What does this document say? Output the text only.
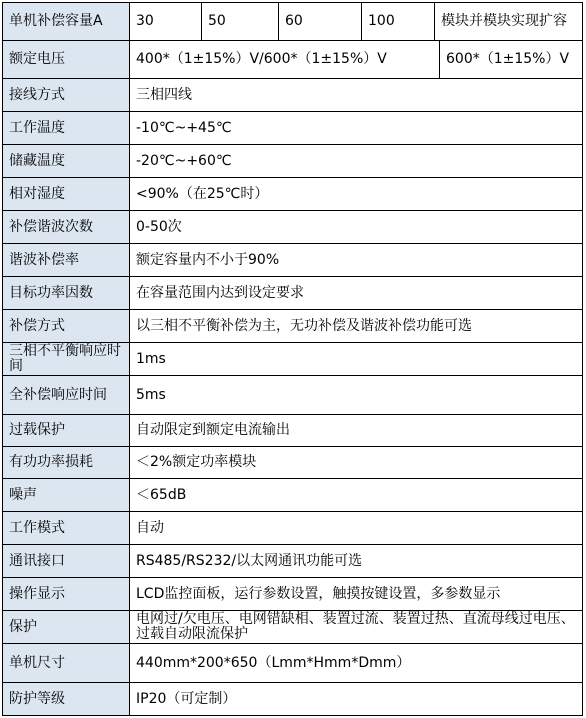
单机补偿容量A	30	50	60	100	模块并模块实现扩容	
额定电压	400*（1±15%）V/600*（1±15%）V					600*（1±15%）V
接线方式	三相四线					
工作温度	-10℃~+45℃					
储藏温度	-20℃~+60℃					
相对湿度	<90%（在25℃时）					
补偿谐波次数	0-50次					
谐波补偿率	额定容量内不小于90%					
目标功率因数	在容量范围内达到设定要求					
补偿方式	以三相不平衡补偿为主，无功补偿及谐波补偿功能可选					
三相不平衡响应时间	1ms					
全补偿响应时间	5ms					
过载保护	自动限定到额定电流输出					
有功功率损耗	＜2%额定功率模块					
噪声	＜65dB					
工作模式	自动					
通讯接口	RS485/RS232/以太网通讯功能可选					
操作显示	LCD监控面板，运行参数设置，触摸按键设置，多参数显示					
保护	电网过/欠电压、电网错缺相、装置过流、装置过热、直流母线过电压、过载自动限流保护					
单机尺寸	440mm*200*650（Lmm*Hmm*Dmm）					
防护等级	IP20（可定制）					
